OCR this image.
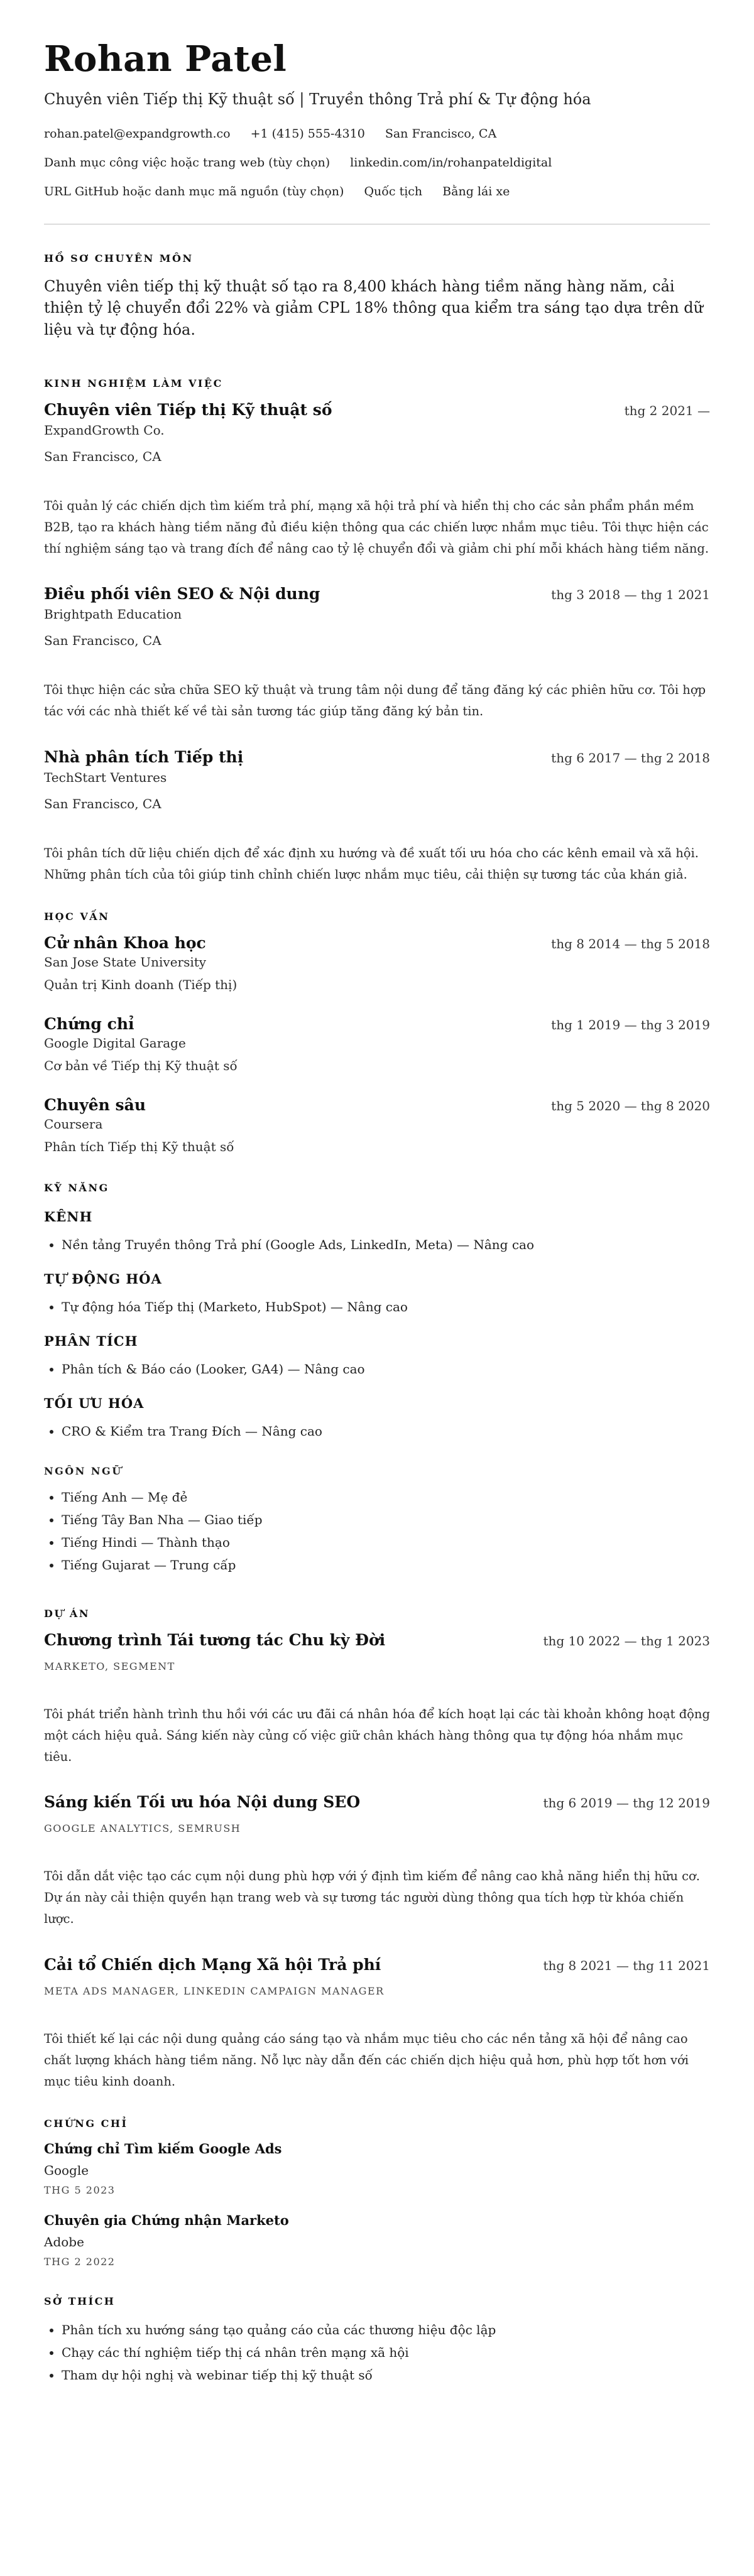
Rohan Patel
Chuyên viên Tiếp thị Kỹ thuật số | Truyền thông Trả phí & Tự động hóa
rohan.patel@expandgrowth.co +1 (415) 555-4310 San Francisco, CA
Danh mục công việc hoặc trang web (tùy chọn) linkedin.com/in/rohanpateldigital
URL GitHub hoặc danh mục mã nguồn (tùy chọn) Quốc tịch Bằng lái xe
HỒ SƠ CHUYÊN MÔN
Chuyên viên tiếp thị kỹ thuật số tạo ra 8,400 khách hàng tiềm năng hàng năm, cải thiện tỷ lệ chuyển đổi 22% và giảm CPL 18% thông qua kiểm tra sáng tạo dựa trên dữ liệu và tự động hóa.
KINH NGHIỆM LÀM VIỆC
Chuyên viên Tiếp thị Kỹ thuật số	thg 2 2021 —
ExpandGrowth Co.
San Francisco, CA
Tôi quản lý các chiến dịch tìm kiếm trả phí, mạng xã hội trả phí và hiển thị cho các sản phẩm phần mềm B2B, tạo ra khách hàng tiềm năng đủ điều kiện thông qua các chiến lược nhắm mục tiêu. Tôi thực hiện các thí nghiệm sáng tạo và trang đích để nâng cao tỷ lệ chuyển đổi và giảm chi phí mỗi khách hàng tiềm năng.
Điều phối viên SEO & Nội dung	thg 3 2018 — thg 1 2021
Brightpath Education
San Francisco, CA
Tôi thực hiện các sửa chữa SEO kỹ thuật và trung tâm nội dung để tăng đăng ký các phiên hữu cơ. Tôi hợp tác với các nhà thiết kế về tài sản tương tác giúp tăng đăng ký bản tin.
Nhà phân tích Tiếp thị	thg 6 2017 — thg 2 2018
TechStart Ventures
San Francisco, CA
Tôi phân tích dữ liệu chiến dịch để xác định xu hướng và đề xuất tối ưu hóa cho các kênh email và xã hội. Những phân tích của tôi giúp tinh chỉnh chiến lược nhắm mục tiêu, cải thiện sự tương tác của khán giả.
HỌC VẤN
Cử nhân Khoa học	thg 8 2014 — thg 5 2018
San Jose State University
Quản trị Kinh doanh (Tiếp thị)
Chứng chỉ	thg 1 2019 — thg 3 2019
Google Digital Garage
Cơ bản về Tiếp thị Kỹ thuật số
Chuyên sâu	thg 5 2020 — thg 8 2020
Coursera
Phân tích Tiếp thị Kỹ thuật số
KỸ NĂNG
KÊNH
• Nền tảng Truyền thông Trả phí (Google Ads, LinkedIn, Meta) — Nâng cao
TỰ ĐỘNG HÓA
• Tự động hóa Tiếp thị (Marketo, HubSpot) — Nâng cao
PHÂN TÍCH
• Phân tích & Báo cáo (Looker, GA4) — Nâng cao
TỐI ƯU HÓA
• CRO & Kiểm tra Trang Đích — Nâng cao
NGÔN NGỮ
• Tiếng Anh — Mẹ đẻ
• Tiếng Tây Ban Nha — Giao tiếp
• Tiếng Hindi — Thành thạo
• Tiếng Gujarat — Trung cấp
DỰ ÁN
Chương trình Tái tương tác Chu kỳ Đời	thg 10 2022 — thg 1 2023
MARKETO, SEGMENT
Tôi phát triển hành trình thu hồi với các ưu đãi cá nhân hóa để kích hoạt lại các tài khoản không hoạt động một cách hiệu quả. Sáng kiến này củng cố việc giữ chân khách hàng thông qua tự động hóa nhắm mục tiêu.
Sáng kiến Tối ưu hóa Nội dung SEO	thg 6 2019 — thg 12 2019
GOOGLE ANALYTICS, SEMRUSH
Tôi dẫn dắt việc tạo các cụm nội dung phù hợp với ý định tìm kiếm để nâng cao khả năng hiển thị hữu cơ. Dự án này cải thiện quyền hạn trang web và sự tương tác người dùng thông qua tích hợp từ khóa chiến lược.
Cải tổ Chiến dịch Mạng Xã hội Trả phí	thg 8 2021 — thg 11 2021
META ADS MANAGER, LINKEDIN CAMPAIGN MANAGER
Tôi thiết kế lại các nội dung quảng cáo sáng tạo và nhắm mục tiêu cho các nền tảng xã hội để nâng cao chất lượng khách hàng tiềm năng. Nỗ lực này dẫn đến các chiến dịch hiệu quả hơn, phù hợp tốt hơn với mục tiêu kinh doanh.
CHỨNG CHỈ
Chứng chỉ Tìm kiếm Google Ads
Google
THG 5 2023
Chuyên gia Chứng nhận Marketo
Adobe
THG 2 2022
SỞ THÍCH
• Phân tích xu hướng sáng tạo quảng cáo của các thương hiệu độc lập
• Chạy các thí nghiệm tiếp thị cá nhân trên mạng xã hội
• Tham dự hội nghị và webinar tiếp thị kỹ thuật số
